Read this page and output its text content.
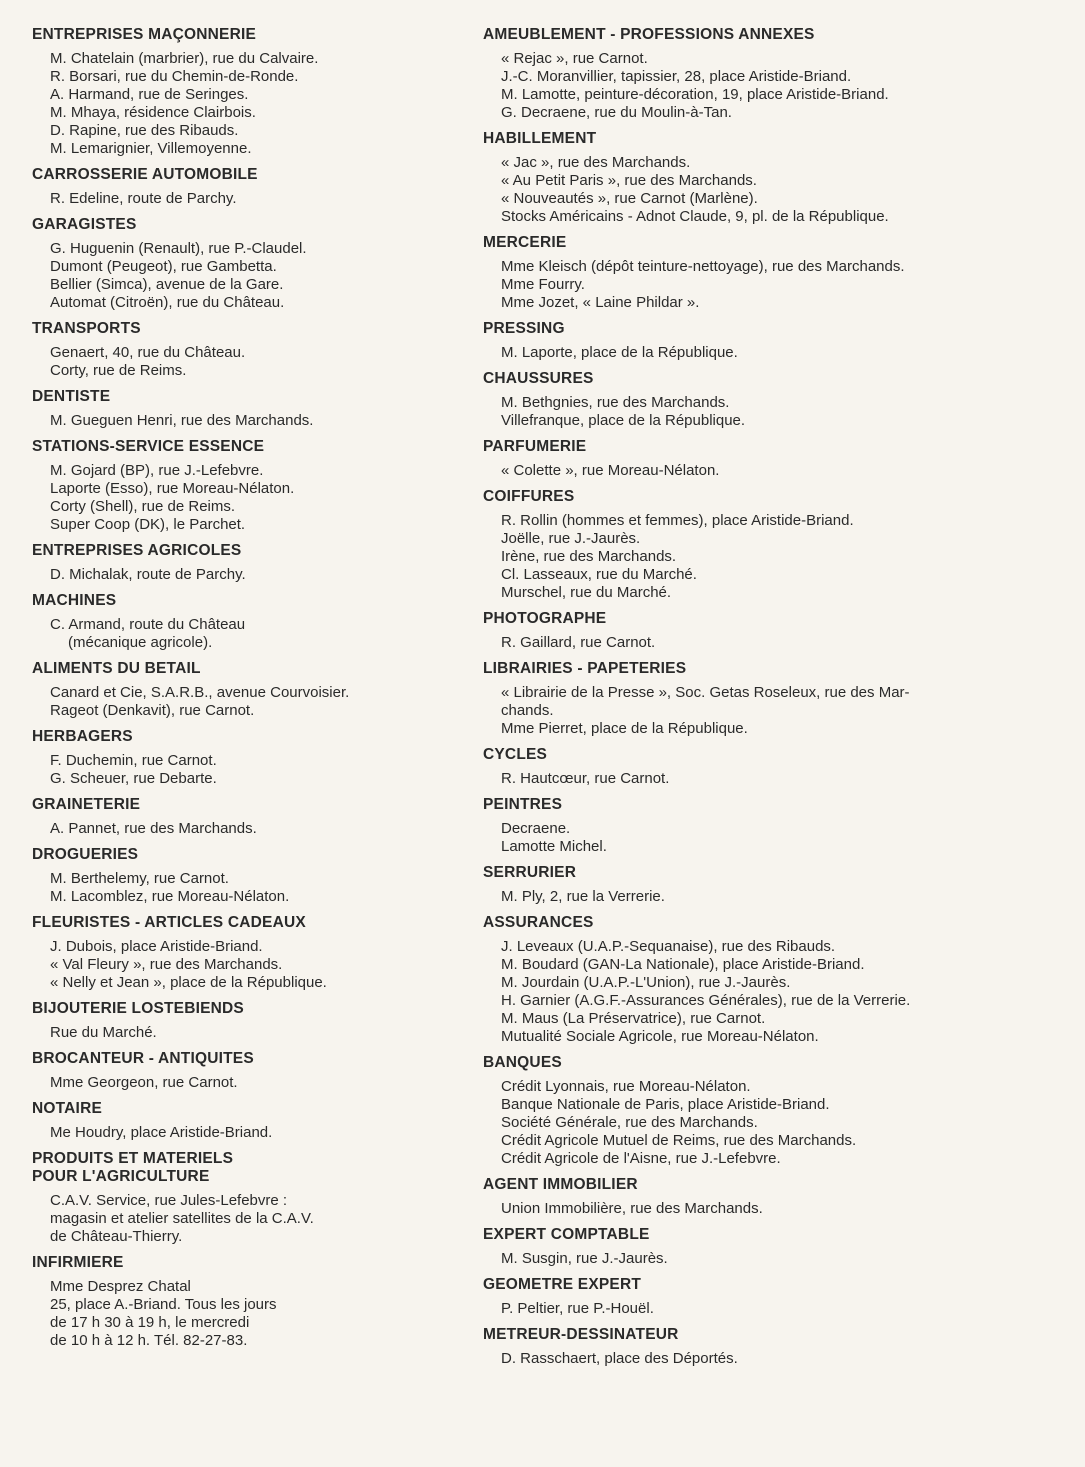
ENTREPRISES MAÇONNERIE
M. Chatelain (marbrier), rue du Calvaire.
R. Borsari, rue du Chemin-de-Ronde.
A. Harmand, rue de Seringes.
M. Mhaya, résidence Clairbois.
D. Rapine, rue des Ribauds.
M. Lemarignier, Villemoyenne.
CARROSSERIE AUTOMOBILE
R. Edeline, route de Parchy.
GARAGISTES
G. Huguenin (Renault), rue P.-Claudel.
Dumont (Peugeot), rue Gambetta.
Bellier (Simca), avenue de la Gare.
Automat (Citroën), rue du Château.
TRANSPORTS
Genaert, 40, rue du Château.
Corty, rue de Reims.
DENTISTE
M. Gueguen Henri, rue des Marchands.
STATIONS-SERVICE ESSENCE
M. Gojard (BP), rue J.-Lefebvre.
Laporte (Esso), rue Moreau-Nélaton.
Corty (Shell), rue de Reims.
Super Coop (DK), le Parchet.
ENTREPRISES AGRICOLES
D. Michalak, route de Parchy.
MACHINES
C. Armand, route du Château
(mécanique agricole).
ALIMENTS DU BETAIL
Canard et Cie, S.A.R.B., avenue Courvoisier.
Rageot (Denkavit), rue Carnot.
HERBAGERS
F. Duchemin, rue Carnot.
G. Scheuer, rue Debarte.
GRAINETERIE
A. Pannet, rue des Marchands.
DROGUERIES
M. Berthelemy, rue Carnot.
M. Lacomblez, rue Moreau-Nélaton.
FLEURISTES - ARTICLES CADEAUX
J. Dubois, place Aristide-Briand.
« Val Fleury », rue des Marchands.
« Nelly et Jean », place de la République.
BIJOUTERIE LOSTEBIENDS
Rue du Marché.
BROCANTEUR - ANTIQUITES
Mme Georgeon, rue Carnot.
NOTAIRE
Me Houdry, place Aristide-Briand.
PRODUITS ET MATERIELS
POUR L'AGRICULTURE
C.A.V. Service, rue Jules-Lefebvre :
magasin et atelier satellites de la C.A.V.
de Château-Thierry.
INFIRMIERE
Mme Desprez Chatal
25, place A.-Briand. Tous les jours
de 17 h 30 à 19 h, le mercredi
de 10 h à 12 h. Tél. 82-27-83.
AMEUBLEMENT - PROFESSIONS ANNEXES
« Rejac », rue Carnot.
J.-C. Moranvillier, tapissier, 28, place Aristide-Briand.
M. Lamotte, peinture-décoration, 19, place Aristide-Briand.
G. Decraene, rue du Moulin-à-Tan.
HABILLEMENT
« Jac », rue des Marchands.
« Au Petit Paris », rue des Marchands.
« Nouveautés », rue Carnot (Marlène).
Stocks Américains - Adnot Claude, 9, pl. de la République.
MERCERIE
Mme Kleisch (dépôt teinture-nettoyage), rue des Marchands.
Mme Fourry.
Mme Jozet, « Laine Phildar ».
PRESSING
M. Laporte, place de la République.
CHAUSSURES
M. Bethgnies, rue des Marchands.
Villefranque, place de la République.
PARFUMERIE
« Colette », rue Moreau-Nélaton.
COIFFURES
R. Rollin (hommes et femmes), place Aristide-Briand.
Joëlle, rue J.-Jaurès.
Irène, rue des Marchands.
Cl. Lasseaux, rue du Marché.
Murschel, rue du Marché.
PHOTOGRAPHE
R. Gaillard, rue Carnot.
LIBRAIRIES - PAPETERIES
« Librairie de la Presse », Soc. Getas Roseleux, rue des Mar-
chands.
Mme Pierret, place de la République.
CYCLES
R. Hautcœur, rue Carnot.
PEINTRES
Decraene.
Lamotte Michel.
SERRURIER
M. Ply, 2, rue la Verrerie.
ASSURANCES
J. Leveaux (U.A.P.-Sequanaise), rue des Ribauds.
M. Boudard (GAN-La Nationale), place Aristide-Briand.
M. Jourdain (U.A.P.-L'Union), rue J.-Jaurès.
H. Garnier (A.G.F.-Assurances Générales), rue de la Verrerie.
M. Maus (La Préservatrice), rue Carnot.
Mutualité Sociale Agricole, rue Moreau-Nélaton.
BANQUES
Crédit Lyonnais, rue Moreau-Nélaton.
Banque Nationale de Paris, place Aristide-Briand.
Société Générale, rue des Marchands.
Crédit Agricole Mutuel de Reims, rue des Marchands.
Crédit Agricole de l'Aisne, rue J.-Lefebvre.
AGENT IMMOBILIER
Union Immobilière, rue des Marchands.
EXPERT COMPTABLE
M. Susgin, rue J.-Jaurès.
GEOMETRE EXPERT
P. Peltier, rue P.-Houël.
METREUR-DESSINATEUR
D. Rasschaert, place des Déportés.
